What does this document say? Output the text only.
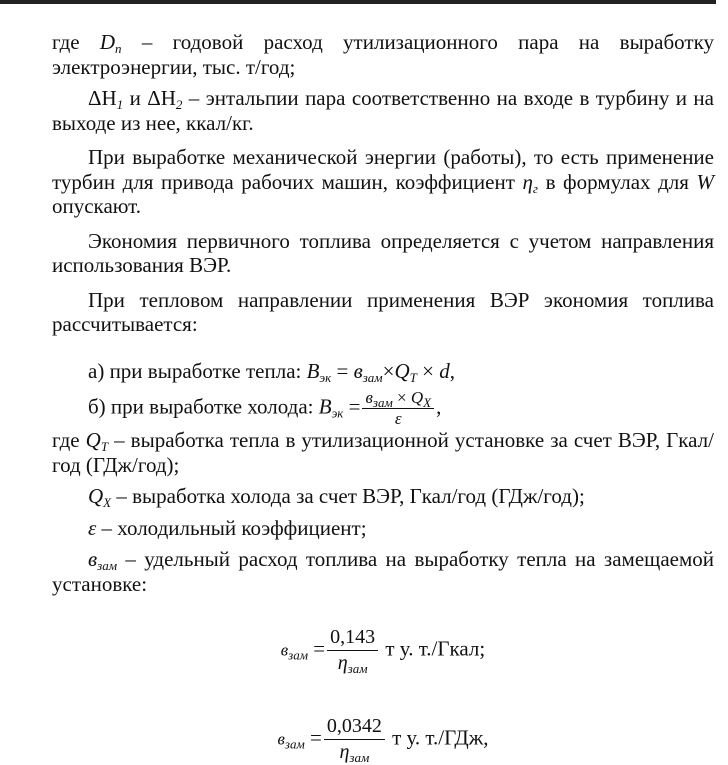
где $D_п$ – годовой расход утилизационного пара на выработку электроэнергии, тыс. т/год;

$\Delta H_1$ и $\Delta H_2$ – энтальпии пара соответственно на входе в турбину и на выходе из нее, ккал/кг.

При выработке механической энергии (работы), то есть применение турбин для привода рабочих машин, коэффициент $\eta_г$ в формулах для W опускают.

Экономия первичного топлива определяется с учетом направления использования ВЭР.

При тепловом направлении применения ВЭР экономия топлива рассчитывается:

а) при выработке тепла: $B_{эк} = в_{зам}\times Q_T \times d$,

б) при выработке холода: $B_{эк} = \frac{в_{зам} \times Q_X}{\varepsilon}$ ,

где $Q_T$ – выработка тепла в утилизационной установке за счет ВЭР, Гкал/год (ГДж/год);

$Q_X$ – выработка холода за счет ВЭР, Гкал/год (ГДж/год);

ε – холодильный коэффициент;

$в_{зам}$ – удельный расход топлива на выработку тепла на замещаемой установке:

$в_{зам} = \frac{0,143}{\eta_{зам}}$ т у. т./Гкал;

$в_{зам} = \frac{0,0342}{\eta_{зам}}$ т у. т./ГДж,
